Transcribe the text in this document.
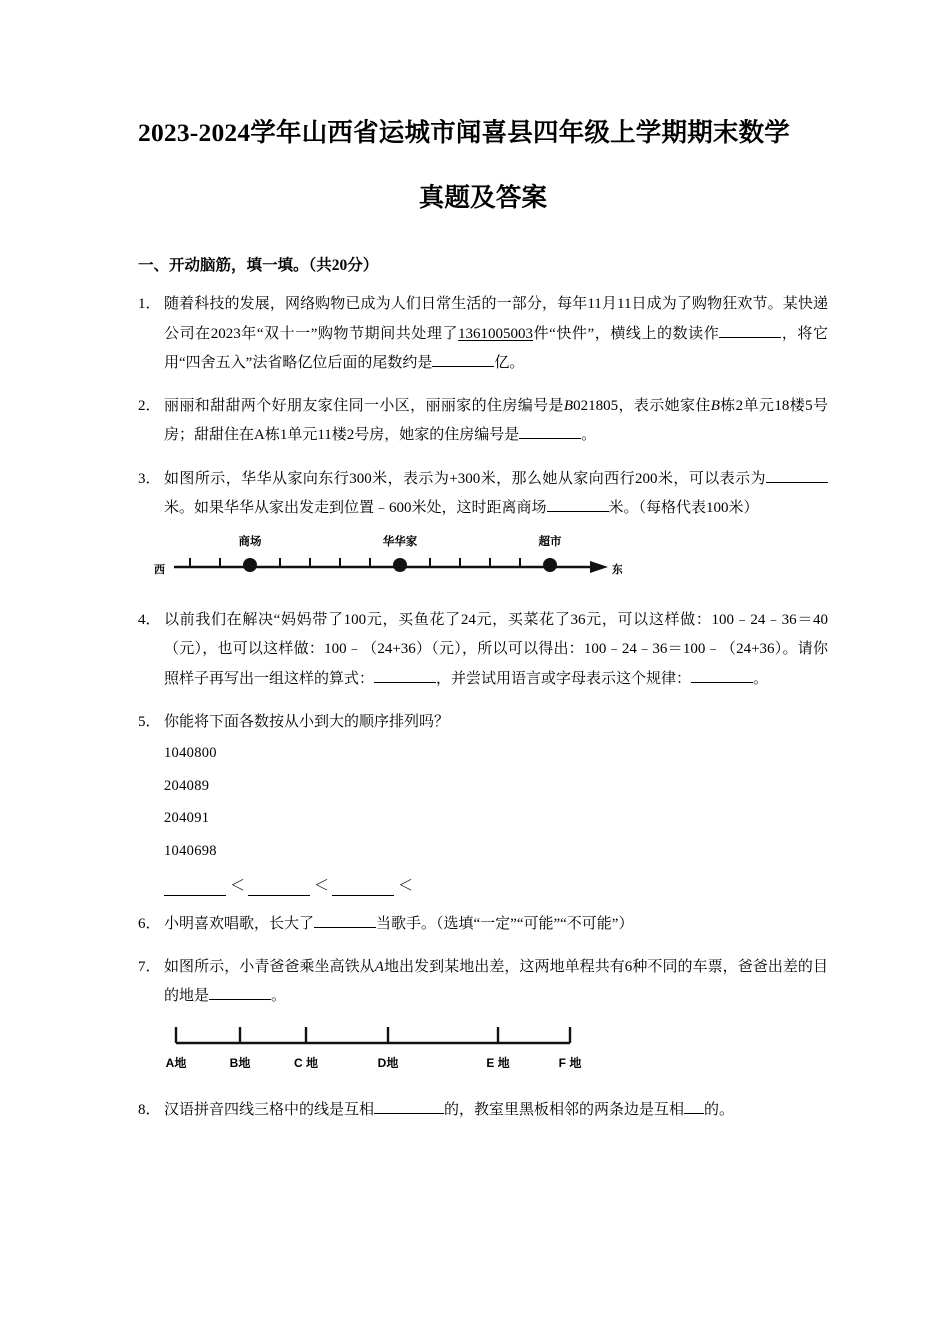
2023-2024学年山西省运城市闻喜县四年级上学期期末数学
真题及答案
一、开动脑筋，填一填。（共20分）
1． 随着科技的发展，网络购物已成为人们日常生活的一部分，每年11月11日成为了购物狂欢节。某快递公司在2023年“双十一”购物节期间共处理了1361005003件“快件”，横线上的数读作	，将它用“四舍五入”法省略亿位后面的尾数约是	亿。
2． 丽丽和甜甜两个好朋友家住同一小区，丽丽家的住房编号是B021805，表示她家住B栋2单元18楼5号房；甜甜住在A栋1单元11楼2号房，她家的住房编号是	。
3． 如图所示，华华从家向东行300米，表示为+300米，那么她从家向西行200米，可以表示为米。如果华华从家出发走到位置﹣600米处，这时距离商场	米。（每格代表100米）
西	东
商场	华华家	超市
4． 以前我们在解决“妈妈带了100元，买鱼花了24元，买菜花了36元，可以这样做：100﹣24﹣36＝40（元），也可以这样做：100﹣（24+36）（元），所以可以得出：100﹣24﹣36＝100﹣（24+36）。请你照样子再写出一组这样的算式：	，并尝试用语言或字母表示这个规律：	。
5． 你能将下面各数按从小到大的顺序排列吗？
1040800
204089
204091
1040698
＜	＜	＜
6． 小明喜欢唱歌，长大了	当歌手。（选填“一定”“可能”“不可能”）
7． 如图所示，小青爸爸乘坐高铁从A地出发到某地出差，这两地单程共有6种不同的车票，爸爸出差的目的地是	。
A地	B地	C 地	D地	E 地	F 地
8． 汉语拼音四线三格中的线是互相	的，教室里黑板相邻的两条边是互相 的。
